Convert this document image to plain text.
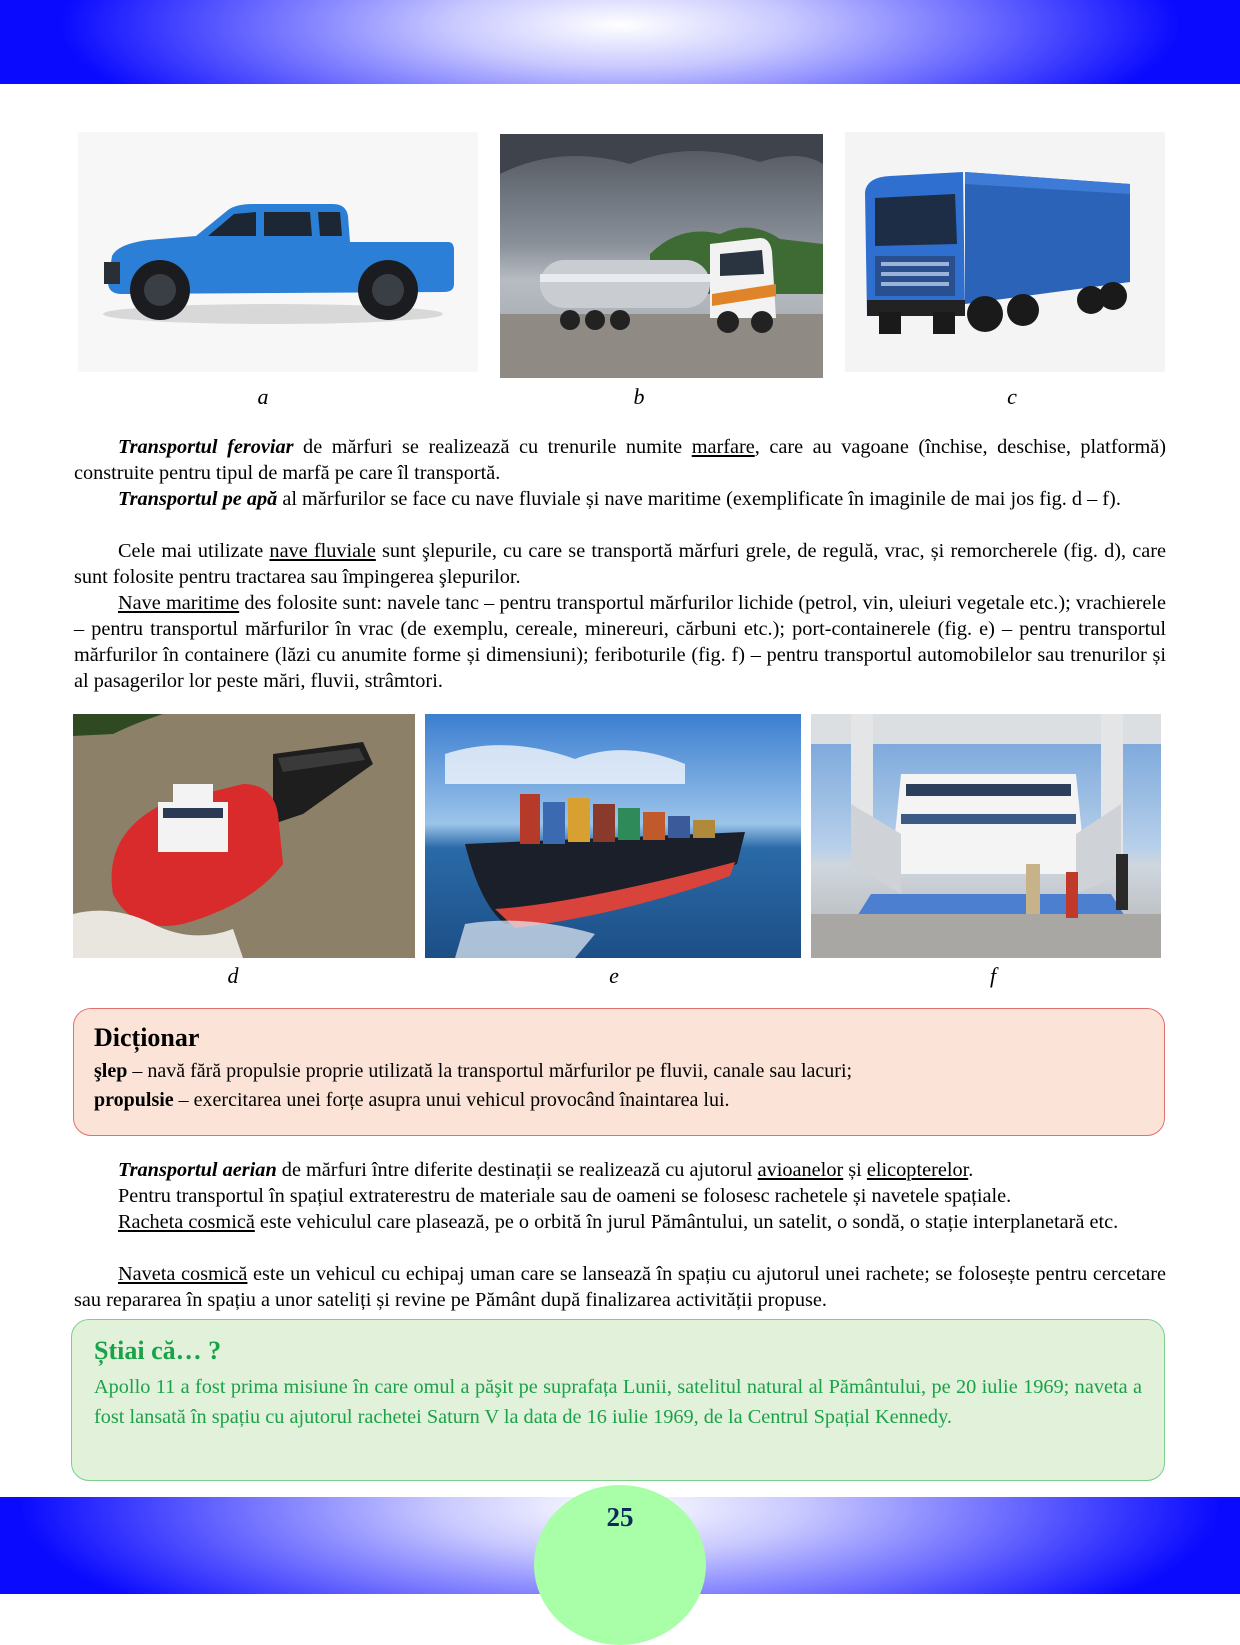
a	b	c
Transportul feroviar de mărfuri se realizează cu trenurile numite marfare, care au vagoane (închise, deschise, platformă) construite pentru tipul de marfă pe care îl transportă.
Transportul pe apă al mărfurilor se face cu nave fluviale și nave maritime (exemplificate în imaginile de mai jos fig. d – f).
Cele mai utilizate nave fluviale sunt şlepurile, cu care se transportă mărfuri grele, de regulă, vrac, și remorcherele (fig. d), care sunt folosite pentru tractarea sau împingerea şlepurilor.
Nave maritime des folosite sunt: navele tanc – pentru transportul mărfurilor lichide (petrol, vin, uleiuri vegetale etc.); vrachierele – pentru transportul mărfurilor în vrac (de exemplu, cereale, minereuri, cărbuni etc.); port-containerele (fig. e) – pentru transportul mărfurilor în containere (lăzi cu anumite forme și dimensiuni); feriboturile (fig. f) – pentru transportul automobilelor sau trenurilor și al pasagerilor lor peste mări, fluvii, strâmtori.
d	e	f
Dicționar
şlep – navă fără propulsie proprie utilizată la transportul mărfurilor pe fluvii, canale sau lacuri;
propulsie – exercitarea unei forțe asupra unui vehicul provocând înaintarea lui.
Transportul aerian de mărfuri între diferite destinații se realizează cu ajutorul avioanelor și elicopterelor.
Pentru transportul în spațiul extraterestru de materiale sau de oameni se folosesc rachetele și navetele spațiale.
Racheta cosmică este vehiculul care plasează, pe o orbită în jurul Pământului, un satelit, o sondă, o stație interplanetară etc.
Naveta cosmică este un vehicul cu echipaj uman care se lansează în spațiu cu ajutorul unei rachete; se folosește pentru cercetare sau repararea în spațiu a unor sateliți și revine pe Pământ după finalizarea activității propuse.
Știai că… ?
Apollo 11 a fost prima misiune în care omul a păşit pe suprafața Lunii, satelitul natural al Pământului, pe 20 iulie 1969; naveta a fost lansată în spațiu cu ajutorul rachetei Saturn V la data de 16 iulie 1969, de la Centrul Spațial Kennedy.
25
